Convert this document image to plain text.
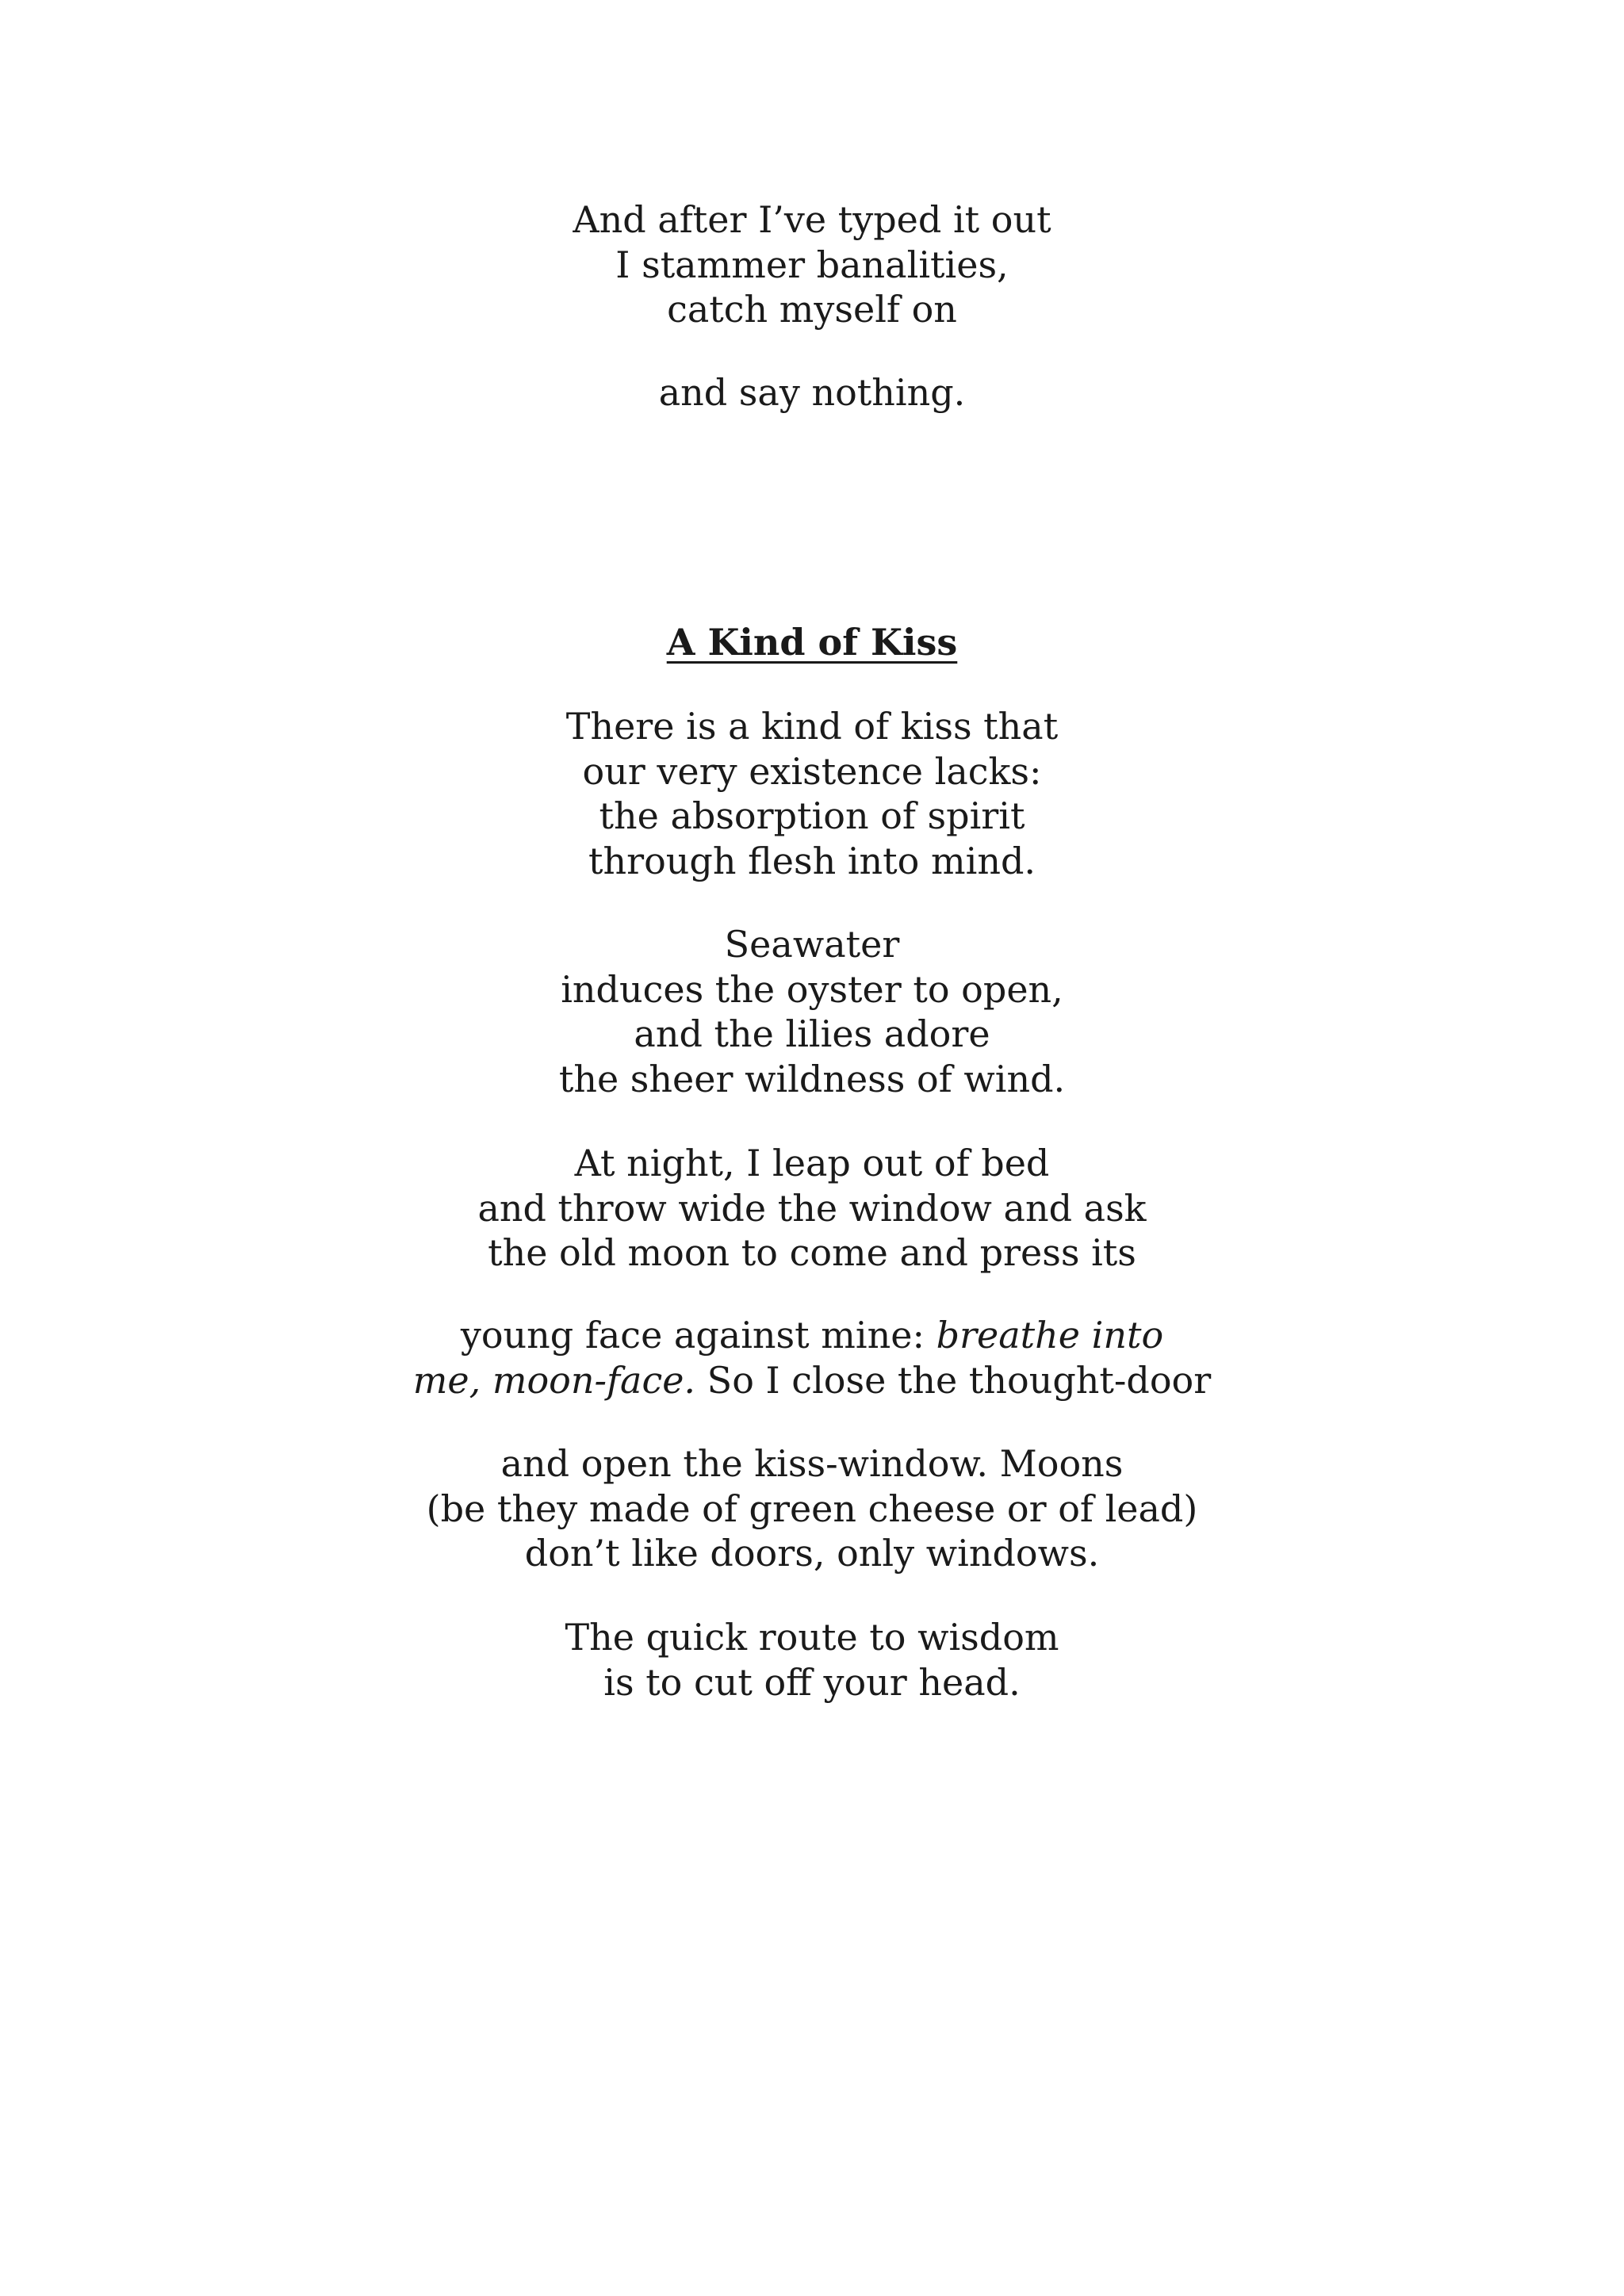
And after I’ve typed it out
I stammer banalities,
catch myself on
and say nothing.
A Kind of Kiss
There is a kind of kiss that
our very existence lacks:
the absorption of spirit
through flesh into mind.
Seawater
induces the oyster to open,
and the lilies adore
the sheer wildness of wind.
At night, I leap out of bed
and throw wide the window and ask
the old moon to come and press its
young face against mine: breathe into
me, moon-face. So I close the thought-door
and open the kiss-window. Moons
(be they made of green cheese or of lead)
don’t like doors, only windows.
The quick route to wisdom
is to cut off your head.
